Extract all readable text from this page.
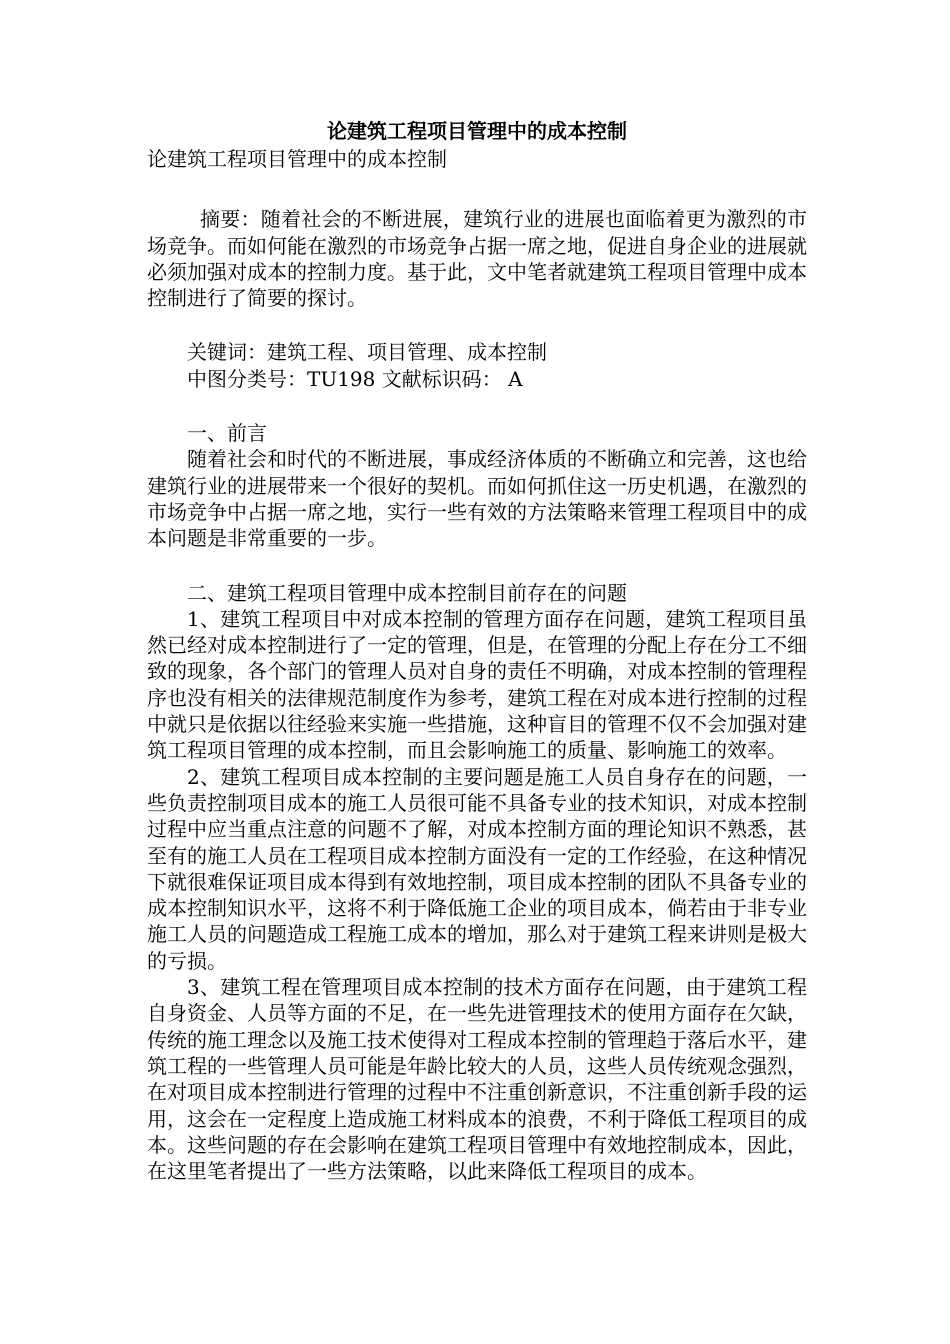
论建筑工程项目管理中的成本控制

论建筑工程项目管理中的成本控制

摘要：随着社会的不断进展，建筑行业的进展也面临着更为激烈的市场竞争。而如何能在激烈的市场竞争占据一席之地，促进自身企业的进展就必须加强对成本的控制力度。基于此，文中笔者就建筑工程项目管理中成本控制进行了简要的探讨。

关键词：建筑工程、项目管理、成本控制

中图分类号：TU198 文献标识码： A

一、前言

随着社会和时代的不断进展，事成经济体质的不断确立和完善，这也给建筑行业的进展带来一个很好的契机。而如何抓住这一历史机遇，在激烈的市场竞争中占据一席之地，实行一些有效的方法策略来管理工程项目中的成本问题是非常重要的一步。

二、建筑工程项目管理中成本控制目前存在的问题

1、建筑工程项目中对成本控制的管理方面存在问题，建筑工程项目虽然已经对成本控制进行了一定的管理，但是，在管理的分配上存在分工不细致的现象，各个部门的管理人员对自身的责任不明确，对成本控制的管理程序也没有相关的法律规范制度作为参考，建筑工程在对成本进行控制的过程中就只是依据以往经验来实施一些措施，这种盲目的管理不仅不会加强对建筑工程项目管理的成本控制，而且会影响施工的质量、影响施工的效率。

2、建筑工程项目成本控制的主要问题是施工人员自身存在的问题，一些负责控制项目成本的施工人员很可能不具备专业的技术知识，对成本控制过程中应当重点注意的问题不了解，对成本控制方面的理论知识不熟悉，甚至有的施工人员在工程项目成本控制方面没有一定的工作经验，在这种情况下就很难保证项目成本得到有效地控制，项目成本控制的团队不具备专业的成本控制知识水平，这将不利于降低施工企业的项目成本，倘若由于非专业施工人员的问题造成工程施工成本的增加，那么对于建筑工程来讲则是极大的亏损。

3、建筑工程在管理项目成本控制的技术方面存在问题，由于建筑工程自身资金、人员等方面的不足，在一些先进管理技术的使用方面存在欠缺，传统的施工理念以及施工技术使得对工程成本控制的管理趋于落后水平，建筑工程的一些管理人员可能是年龄比较大的人员，这些人员传统观念强烈，在对项目成本控制进行管理的过程中不注重创新意识，不注重创新手段的运用，这会在一定程度上造成施工材料成本的浪费，不利于降低工程项目的成本。这些问题的存在会影响在建筑工程项目管理中有效地控制成本，因此，在这里笔者提出了一些方法策略，以此来降低工程项目的成本。
